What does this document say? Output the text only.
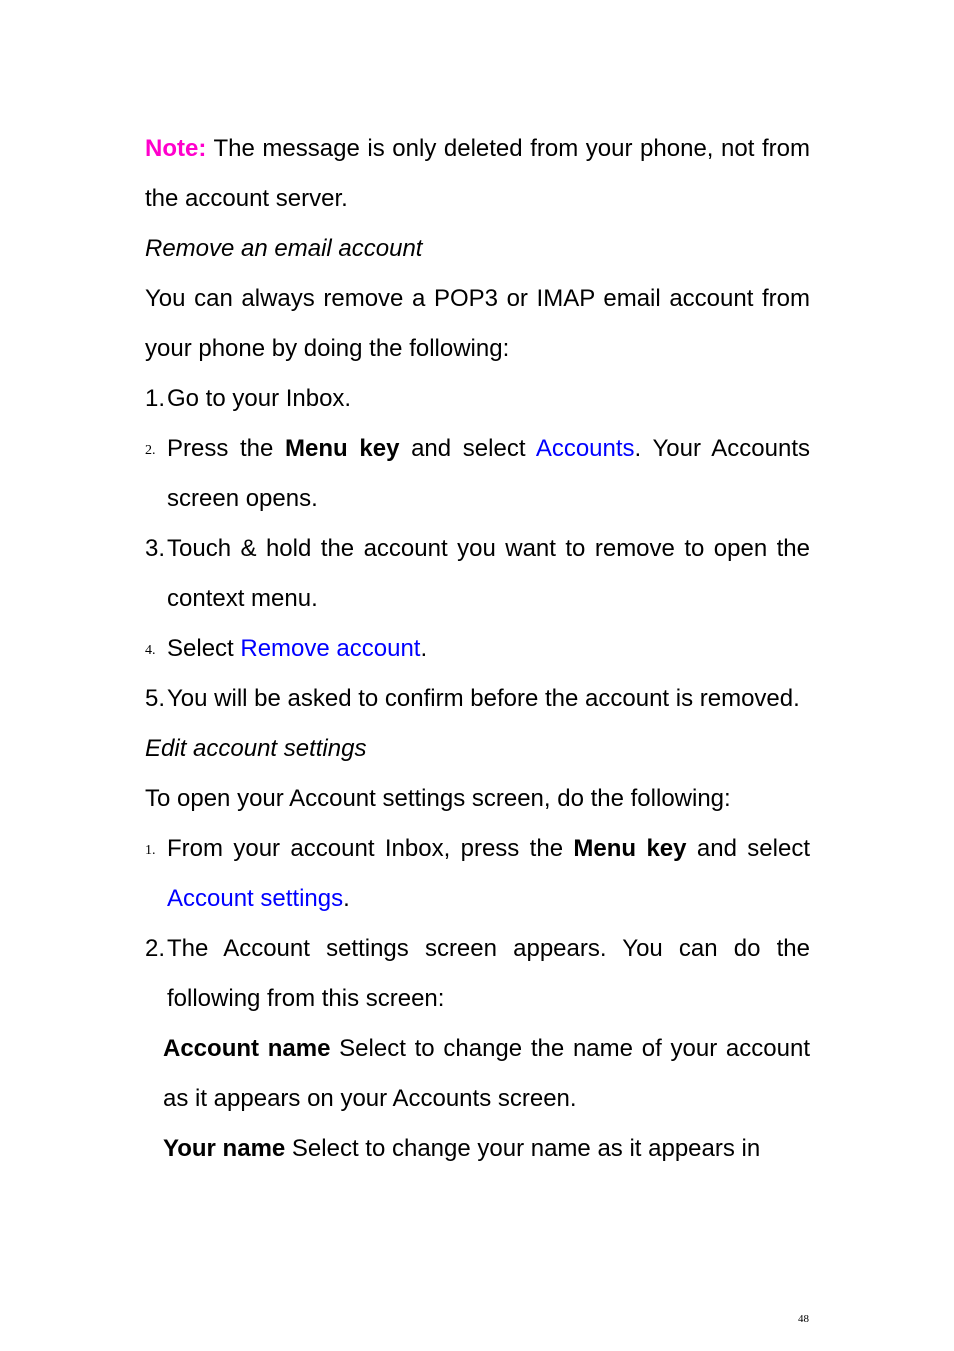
Note: The message is only deleted from your phone, not from the account server.

Remove an email account

You can always remove a POP3 or IMAP email account from your phone by doing the following:

1. Go to your Inbox.

2. Press the Menu key and select Accounts. Your Accounts screen opens.

3. Touch & hold the account you want to remove to open the context menu.

4. Select Remove account.

5. You will be asked to confirm before the account is removed.

Edit account settings

To open your Account settings screen, do the following:

1. From your account Inbox, press the Menu key and select Account settings.

2. The Account settings screen appears. You can do the following from this screen:

Account name Select to change the name of your account as it appears on your Accounts screen.

Your name Select to change your name as it appears in

48
